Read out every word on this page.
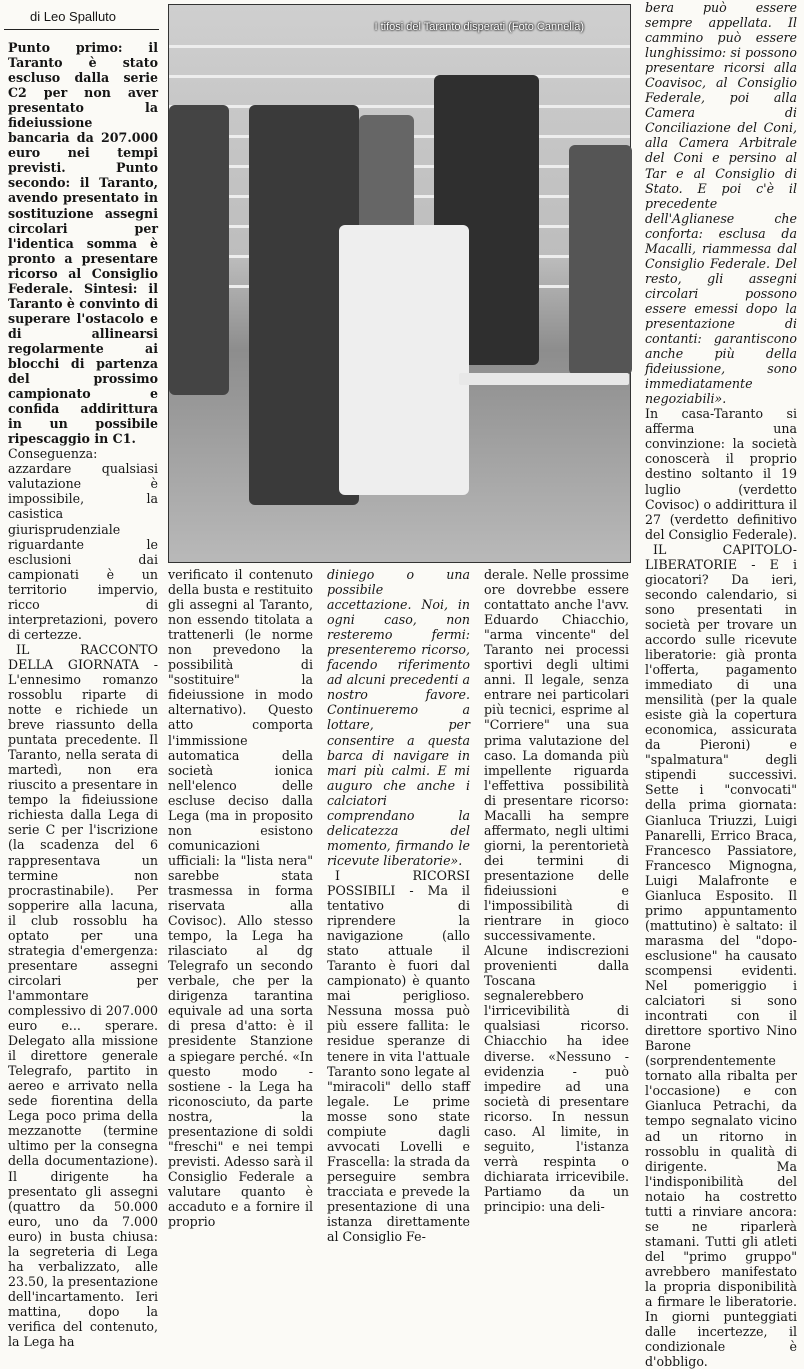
di Leo Spalluto

Punto primo: il Taranto è stato escluso dalla serie C2 per non aver presentato la fideiussione bancaria da 207.000 euro nei tempi previsti. Punto secondo: il Taranto, avendo presentato in sostituzione assegni circolari per l'identica somma è pronto a presentare ricorso al Consiglio Federale. Sintesi: il Taranto è convinto di superare l'ostacolo e di allinearsi regolarmente ai blocchi di partenza del prossimo campionato e confida addirittura in un possibile ripescaggio in C1.

Conseguenza: azzardare qualsiasi valutazione è impossibile, la casistica giurisprudenziale riguardante le esclusioni dai campionati è un territorio impervio, ricco di interpretazioni, povero di certezze.

IL RACCONTO DELLA GIORNATA - L'ennesimo romanzo rossoblu riparte di notte e richiede un breve riassunto della puntata precedente. Il Taranto, nella serata di martedì, non era riuscito a presentare in tempo la fideiussione richiesta dalla Lega di serie C per l'iscrizione (la scadenza del 6 rappresentava un termine non procrastinabile). Per sopperire alla lacuna, il club rossoblu ha optato per una strategia d'emergenza: presentare assegni circolari per l'ammontare complessivo di 207.000 euro e... sperare. Delegato alla missione il direttore generale Telegrafo, partito in aereo e arrivato nella sede fiorentina della Lega poco prima della mezzanotte (termine ultimo per la consegna della documentazione). Il dirigente ha presentato gli assegni (quattro da 50.000 euro, uno da 7.000 euro) in busta chiusa: la segreteria di Lega ha verbalizzato, alle 23.50, la presentazione dell'incartamento. Ieri mattina, dopo la verifica del contenuto, la Lega ha

I tifosi del Taranto disperati (Foto Cannella)

verificato il contenuto della busta e restituito gli assegni al Taranto, non essendo titolata a trattenerli (le norme non prevedono la possibilità di "sostituire" la fideiussione in modo alternativo). Questo atto comporta l'immissione automatica della società ionica nell'elenco delle escluse deciso dalla Lega (ma in proposito non esistono comunicazioni ufficiali: la "lista nera" sarebbe stata trasmessa in forma riservata alla Covisoc). Allo stesso tempo, la Lega ha rilasciato al dg Telegrafo un secondo verbale, che per la dirigenza tarantina equivale ad una sorta di presa d'atto: è il presidente Stanzione a spiegare perché. «In questo modo - sostiene - la Lega ha riconosciuto, da parte nostra, la presentazione di soldi "freschi" e nei tempi previsti. Adesso sarà il Consiglio Federale a valutare quanto è accaduto e a fornire il proprio

diniego o una possibile accettazione. Noi, in ogni caso, non resteremo fermi: presenteremo ricorso, facendo riferimento ad alcuni precedenti a nostro favore. Continueremo a lottare, per consentire a questa barca di navigare in mari più calmi. E mi auguro che anche i calciatori comprendano la delicatezza del momento, firmando le ricevute liberatorie».

I RICORSI POSSIBILI - Ma il tentativo di riprendere la navigazione (allo stato attuale il Taranto è fuori dal campionato) è quanto mai periglioso. Nessuna mossa può più essere fallita: le residue speranze di tenere in vita l'attuale Taranto sono legate al "miracoli" dello staff legale. Le prime mosse sono state compiute dagli avvocati Lovelli e Frascella: la strada da perseguire sembra tracciata e prevede la presentazione di una istanza direttamente al Consiglio Fe-

derale. Nelle prossime ore dovrebbe essere contattato anche l'avv. Eduardo Chiacchio, "arma vincente" del Taranto nei processi sportivi degli ultimi anni. Il legale, senza entrare nei particolari più tecnici, esprime al "Corriere" una sua prima valutazione del caso. La domanda più impellente riguarda l'effettiva possibilità di presentare ricorso: Macalli ha sempre affermato, negli ultimi giorni, la perentorietà dei termini di presentazione delle fideiussioni e l'impossibilità di rientrare in gioco successivamente. Alcune indiscrezioni provenienti dalla Toscana segnalerebbero l'irricevibilità di qualsiasi ricorso. Chiacchio ha idee diverse. «Nessuno - evidenzia - può impedire ad una società di presentare ricorso. In nessun caso. Al limite, in seguito, l'istanza verrà respinta o dichiarata irricevibile. Partiamo da un principio: una deli-

bera può essere sempre appellata. Il cammino può essere lunghissimo: si possono presentare ricorsi alla Coavisoc, al Consiglio Federale, poi alla Camera di Conciliazione del Coni, alla Camera Arbitrale del Coni e persino al Tar e al Consiglio di Stato. E poi c'è il precedente dell'Aglianese che conforta: esclusa da Macalli, riammessa dal Consiglio Federale. Del resto, gli assegni circolari possono essere emessi dopo la presentazione di contanti: garantiscono anche più della fideiussione, sono immediatamente negoziabili».

In casa-Taranto si afferma una convinzione: la società conoscerà il proprio destino soltanto il 19 luglio (verdetto Covisoc) o addirittura il 27 (verdetto definitivo del Consiglio Federale).

IL CAPITOLO-LIBERATORIE - E i giocatori? Da ieri, secondo calendario, si sono presentati in società per trovare un accordo sulle ricevute liberatorie: già pronta l'offerta, pagamento immediato di una mensilità (per la quale esiste già la copertura economica, assicurata da Pieroni) e "spalmatura" degli stipendi successivi. Sette i "convocati" della prima giornata: Gianluca Triuzzi, Luigi Panarelli, Errico Braca, Francesco Passiatore, Francesco Mignogna, Luigi Malafronte e Gianluca Esposito. Il primo appuntamento (mattutino) è saltato: il marasma del "dopo-esclusione" ha causato scompensi evidenti. Nel pomeriggio i calciatori si sono incontrati con il direttore sportivo Nino Barone (sorprendentemente tornato alla ribalta per l'occasione) e con Gianluca Petrachi, da tempo segnalato vicino ad un ritorno in rossoblu in qualità di dirigente. Ma l'indisponibilità del notaio ha costretto tutti a rinviare ancora: se ne riparlerà stamani. Tutti gli atleti del "primo gruppo" avrebbero manifestato la propria disponibilità a firmare le liberatorie. In giorni punteggiati dalle incertezze, il condizionale è d'obbligo.
